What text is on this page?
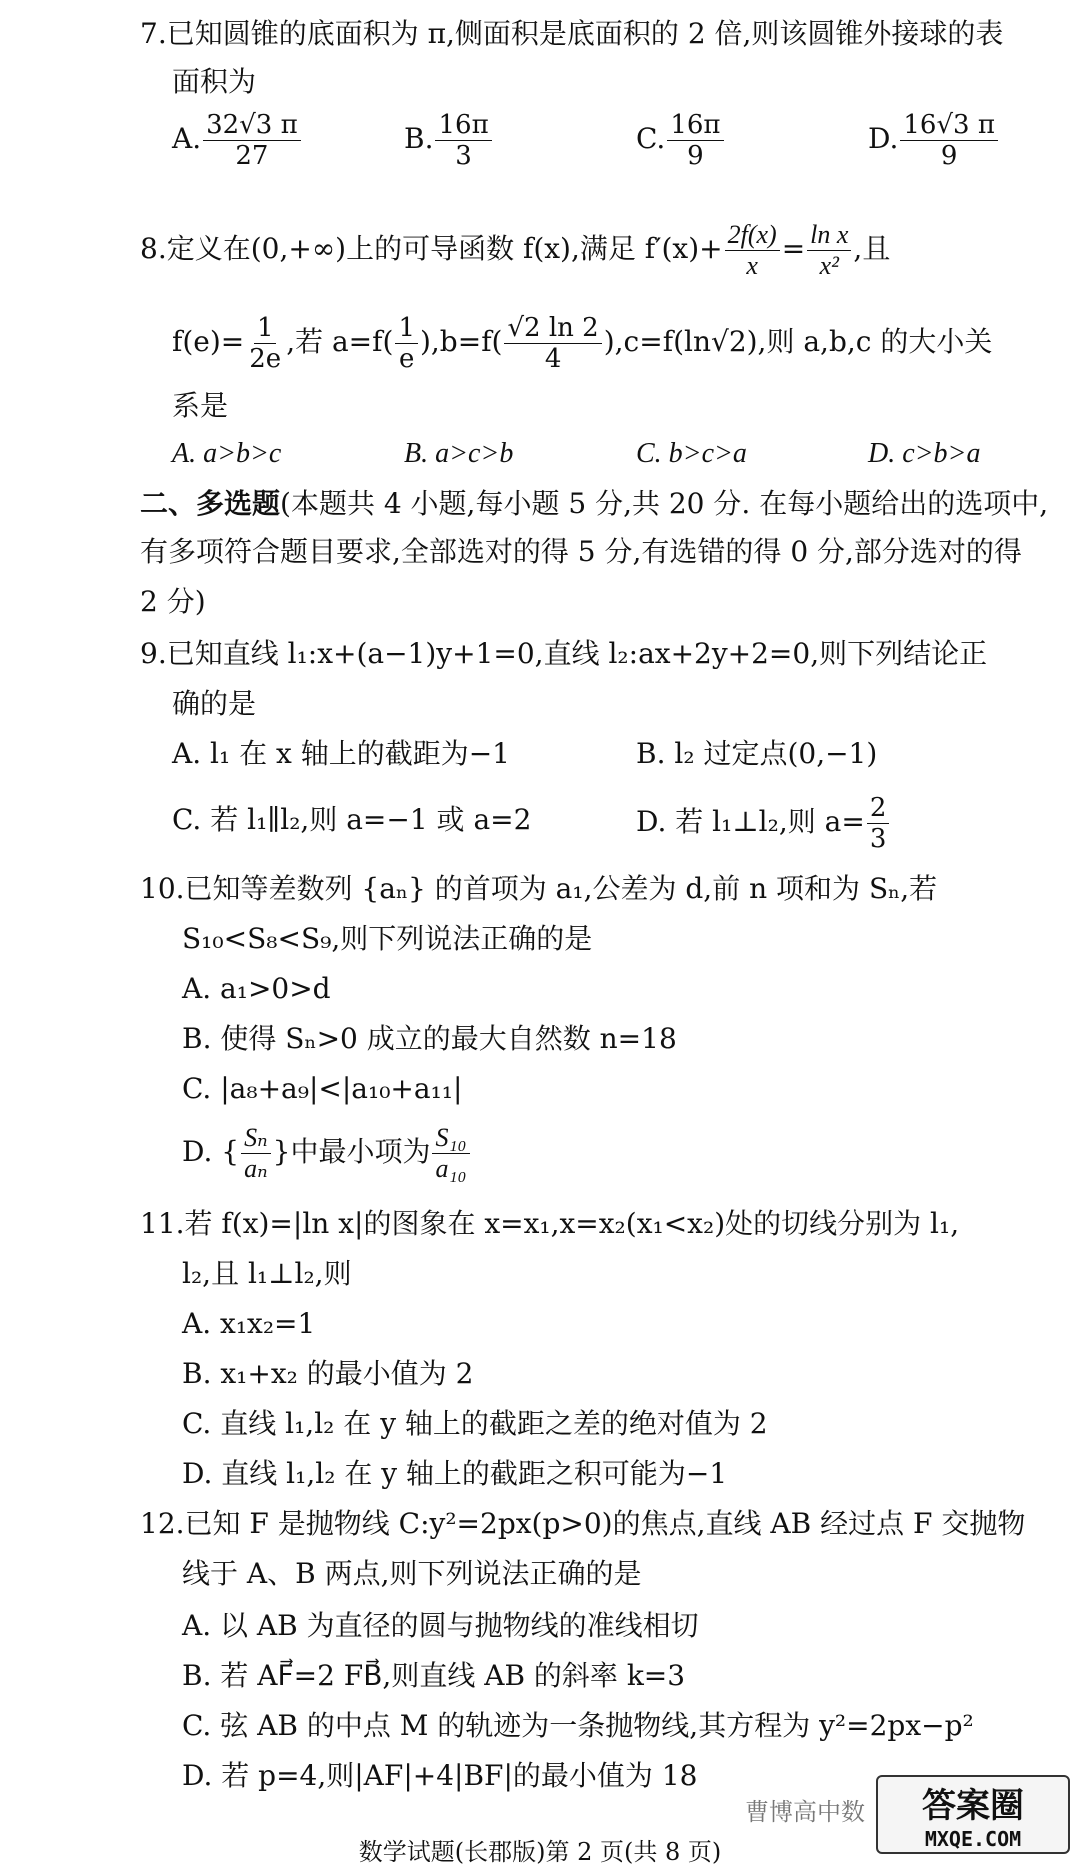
7.已知圆锥的底面积为 π,侧面积是底面积的 2 倍,则该圆锥外接球的表
面积为
A. $\frac{32√3 \pi}{27}$	B. $\frac{16\pi}{3}$	C. $\frac{16\pi}{9}$	D. $\frac{16√3 \pi}{9}$
8.定义在(0,+∞)上的可导函数 f(x),满足 $f'(x)+ \frac{2f(x)}{x} = \frac{\text{ln x}}{\text{x²}}$ ,且
$f(e)= \frac{1}{2e}$ ,若 $a=f( \frac{1}{e} ),b=f( \frac{√2 \ln 2}{4} ),c=f(\ln√2)$,则 a,b,c 的大小关
系是
A. a>b>c	B. a>c>b	C. b>c>a	D. c>b>a
二、多选题(本题共 4 小题,每小题 5 分,共 20 分. 在每小题给出的选项中,
有多项符合题目要求,全部选对的得 5 分,有选错的得 0 分,部分选对的得
2 分)
9.已知直线 l₁:x+(a−1)y+1=0,直线 l₂:ax+2y+2=0,则下列结论正
确的是
A. l₁ 在 x 轴上的截距为−1	B. l₂ 过定点(0,−1)
C. 若 l₁∥l₂,则 a=−1 或 a=2	D. 若 l₁⊥l₂,则 $a= \frac{2}{3}$
10.已知等差数列 {aₙ} 的首项为 a₁,公差为 d,前 n 项和为 Sₙ,若
S₁₀<S₈<S₉,则下列说法正确的是
A. a₁>0>d
B. 使得 Sₙ>0 成立的最大自然数 n=18
C. |a₈+a₉|<|a₁₀+a₁₁|
D. { $\frac{\text{Sₙ}}{\text{aₙ}}$ }中最小项为 $\frac{\text{S₁₀}}{\text{a₁₀}}$
11.若 f(x)=|ln x|的图象在 x=x₁,x=x₂(x₁<x₂)处的切线分别为 l₁,
l₂,且 l₁⊥l₂,则
A. x₁x₂=1
B. x₁+x₂ 的最小值为 2
C. 直线 l₁,l₂ 在 y 轴上的截距之差的绝对值为 2
D. 直线 l₁,l₂ 在 y 轴上的截距之积可能为−1
12.已知 F 是抛物线 C:y²=2px(p>0)的焦点,直线 AB 经过点 F 交抛物
线于 A、B 两点,则下列说法正确的是
A. 以 AB 为直径的圆与抛物线的准线相切
B. 若 AF⃗=2 FB⃗,则直线 AB 的斜率 k=3
C. 弦 AB 的中点 M 的轨迹为一条抛物线,其方程为 y²=2px−p²
D. 若 p=4,则|AF|+4|BF|的最小值为 18
曹博高中数 答案圈
MXQE.COM
数学试题(长郡版)第 2 页(共 8 页)
